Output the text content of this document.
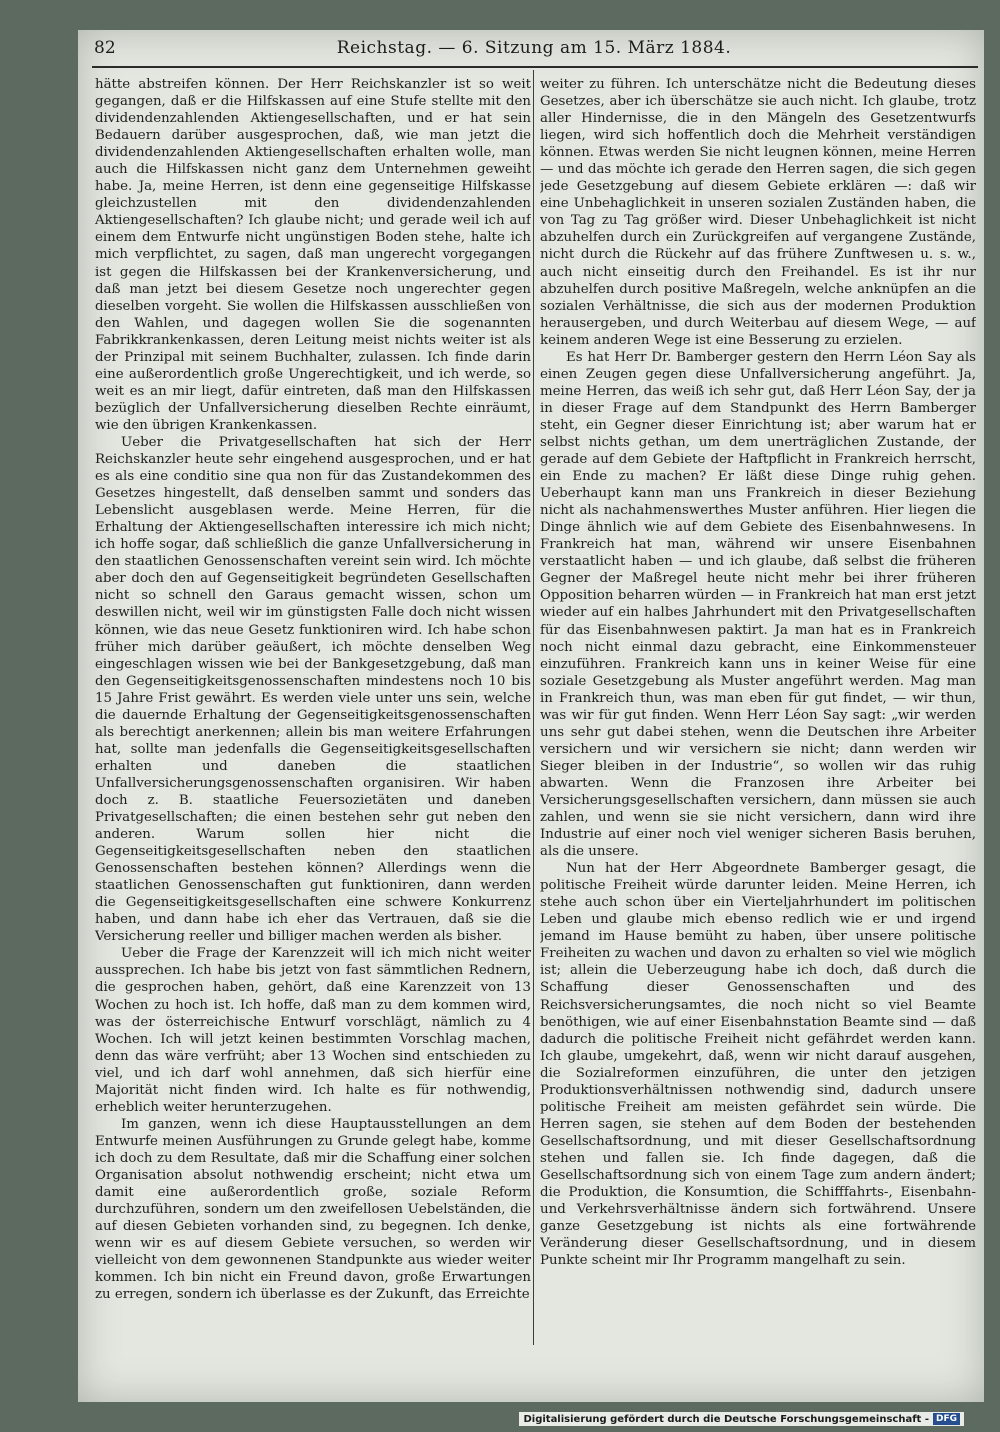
82	Reichstag. — 6. Sitzung am 15. März 1884.

hätte abstreifen können. Der Herr Reichskanzler ist so weit gegangen, daß er die Hilfskassen auf eine Stufe stellte mit den dividendenzahlenden Aktiengesellschaften, und er hat sein Bedauern darüber ausgesprochen, daß, wie man jetzt die dividendenzahlenden Aktiengesellschaften erhalten wolle, man auch die Hilfskassen nicht ganz dem Unternehmen geweiht habe. Ja, meine Herren, ist denn eine gegenseitige Hilfskasse gleichzustellen mit den dividendenzahlenden Aktiengesellschaften? Ich glaube nicht; und gerade weil ich auf einem dem Entwurfe nicht ungünstigen Boden stehe, halte ich mich verpflichtet, zu sagen, daß man ungerecht vorgegangen ist gegen die Hilfskassen bei der Krankenversicherung, und daß man jetzt bei diesem Gesetze noch ungerechter gegen dieselben vorgeht. Sie wollen die Hilfskassen ausschließen von den Wahlen, und dagegen wollen Sie die sogenannten Fabrikkrankenkassen, deren Leitung meist nichts weiter ist als der Prinzipal mit seinem Buchhalter, zulassen. Ich finde darin eine außerordentlich große Ungerechtigkeit, und ich werde, so weit es an mir liegt, dafür eintreten, daß man den Hilfskassen bezüglich der Unfallversicherung dieselben Rechte einräumt, wie den übrigen Krankenkassen.

Ueber die Privatgesellschaften hat sich der Herr Reichskanzler heute sehr eingehend ausgesprochen, und er hat es als eine conditio sine qua non für das Zustandekommen des Gesetzes hingestellt, daß denselben sammt und sonders das Lebenslicht ausgeblasen werde. Meine Herren, für die Erhaltung der Aktiengesellschaften interessire ich mich nicht; ich hoffe sogar, daß schließlich die ganze Unfallversicherung in den staatlichen Genossenschaften vereint sein wird. Ich möchte aber doch den auf Gegenseitigkeit begründeten Gesellschaften nicht so schnell den Garaus gemacht wissen, schon um deswillen nicht, weil wir im günstigsten Falle doch nicht wissen können, wie das neue Gesetz funktioniren wird. Ich habe schon früher mich darüber geäußert, ich möchte denselben Weg eingeschlagen wissen wie bei der Bankgesetzgebung, daß man den Gegenseitigkeitsgenossenschaften mindestens noch 10 bis 15 Jahre Frist gewährt. Es werden viele unter uns sein, welche die dauernde Erhaltung der Gegenseitigkeitsgenossenschaften als berechtigt anerkennen; allein bis man weitere Erfahrungen hat, sollte man jedenfalls die Gegenseitigkeitsgesellschaften erhalten und daneben die staatlichen Unfallversicherungsgenossenschaften organisiren. Wir haben doch z. B. staatliche Feuersozietäten und daneben Privatgesellschaften; die einen bestehen sehr gut neben den anderen. Warum sollen hier nicht die Gegenseitigkeitsgesellschaften neben den staatlichen Genossenschaften bestehen können? Allerdings wenn die staatlichen Genossenschaften gut funktioniren, dann werden die Gegenseitigkeitsgesellschaften eine schwere Konkurrenz haben, und dann habe ich eher das Vertrauen, daß sie die Versicherung reeller und billiger machen werden als bisher.

Ueber die Frage der Karenzzeit will ich mich nicht weiter aussprechen. Ich habe bis jetzt von fast sämmtlichen Rednern, die gesprochen haben, gehört, daß eine Karenzzeit von 13 Wochen zu hoch ist. Ich hoffe, daß man zu dem kommen wird, was der österreichische Entwurf vorschlägt, nämlich zu 4 Wochen. Ich will jetzt keinen bestimmten Vorschlag machen, denn das wäre verfrüht; aber 13 Wochen sind entschieden zu viel, und ich darf wohl annehmen, daß sich hierfür eine Majorität nicht finden wird. Ich halte es für nothwendig, erheblich weiter herunterzugehen.

Im ganzen, wenn ich diese Hauptausstellungen an dem Entwurfe meinen Ausführungen zu Grunde gelegt habe, komme ich doch zu dem Resultate, daß mir die Schaffung einer solchen Organisation absolut nothwendig erscheint; nicht etwa um damit eine außerordentlich große, soziale Reform durchzuführen, sondern um den zweifellosen Uebelständen, die auf diesen Gebieten vorhanden sind, zu begegnen. Ich denke, wenn wir es auf diesem Gebiete versuchen, so werden wir vielleicht von dem gewonnenen Standpunkte aus wieder weiter kommen. Ich bin nicht ein Freund davon, große Erwartungen zu erregen, sondern ich überlasse es der Zukunft, das Erreichte

weiter zu führen. Ich unterschätze nicht die Bedeutung dieses Gesetzes, aber ich überschätze sie auch nicht. Ich glaube, trotz aller Hindernisse, die in den Mängeln des Gesetzentwurfs liegen, wird sich hoffentlich doch die Mehrheit verständigen können. Etwas werden Sie nicht leugnen können, meine Herren — und das möchte ich gerade den Herren sagen, die sich gegen jede Gesetzgebung auf diesem Gebiete erklären —: daß wir eine Unbehaglichkeit in unseren sozialen Zuständen haben, die von Tag zu Tag größer wird. Dieser Unbehaglichkeit ist nicht abzuhelfen durch ein Zurückgreifen auf vergangene Zustände, nicht durch die Rückehr auf das frühere Zunftwesen u. s. w., auch nicht einseitig durch den Freihandel. Es ist ihr nur abzuhelfen durch positive Maßregeln, welche anknüpfen an die sozialen Verhältnisse, die sich aus der modernen Produktion herausergeben, und durch Weiterbau auf diesem Wege, — auf keinem anderen Wege ist eine Besserung zu erzielen.

Es hat Herr Dr. Bamberger gestern den Herrn Léon Say als einen Zeugen gegen diese Unfallversicherung angeführt. Ja, meine Herren, das weiß ich sehr gut, daß Herr Léon Say, der ja in dieser Frage auf dem Standpunkt des Herrn Bamberger steht, ein Gegner dieser Einrichtung ist; aber warum hat er selbst nichts gethan, um dem unerträglichen Zustande, der gerade auf dem Gebiete der Haftpflicht in Frankreich herrscht, ein Ende zu machen? Er läßt diese Dinge ruhig gehen. Ueberhaupt kann man uns Frankreich in dieser Beziehung nicht als nachahmenswerthes Muster anführen. Hier liegen die Dinge ähnlich wie auf dem Gebiete des Eisenbahnwesens. In Frankreich hat man, während wir unsere Eisenbahnen verstaatlicht haben — und ich glaube, daß selbst die früheren Gegner der Maßregel heute nicht mehr bei ihrer früheren Opposition beharren würden — in Frankreich hat man erst jetzt wieder auf ein halbes Jahrhundert mit den Privatgesellschaften für das Eisenbahnwesen paktirt. Ja man hat es in Frankreich noch nicht einmal dazu gebracht, eine Einkommensteuer einzuführen. Frankreich kann uns in keiner Weise für eine soziale Gesetzgebung als Muster angeführt werden. Mag man in Frankreich thun, was man eben für gut findet, — wir thun, was wir für gut finden. Wenn Herr Léon Say sagt: „wir werden uns sehr gut dabei stehen, wenn die Deutschen ihre Arbeiter versichern und wir versichern sie nicht; dann werden wir Sieger bleiben in der Industrie“, so wollen wir das ruhig abwarten. Wenn die Franzosen ihre Arbeiter bei Versicherungsgesellschaften versichern, dann müssen sie auch zahlen, und wenn sie sie nicht versichern, dann wird ihre Industrie auf einer noch viel weniger sicheren Basis beruhen, als die unsere.

Nun hat der Herr Abgeordnete Bamberger gesagt, die politische Freiheit würde darunter leiden. Meine Herren, ich stehe auch schon über ein Vierteljahrhundert im politischen Leben und glaube mich ebenso redlich wie er und irgend jemand im Hause bemüht zu haben, über unsere politische Freiheiten zu wachen und davon zu erhalten so viel wie möglich ist; allein die Ueberzeugung habe ich doch, daß durch die Schaffung dieser Genossenschaften und des Reichsversicherungsamtes, die noch nicht so viel Beamte benöthigen, wie auf einer Eisenbahnstation Beamte sind — daß dadurch die politische Freiheit nicht gefährdet werden kann. Ich glaube, umgekehrt, daß, wenn wir nicht darauf ausgehen, die Sozialreformen einzuführen, die unter den jetzigen Produktionsverhältnissen nothwendig sind, dadurch unsere politische Freiheit am meisten gefährdet sein würde. Die Herren sagen, sie stehen auf dem Boden der bestehenden Gesellschaftsordnung, und mit dieser Gesellschaftsordnung stehen und fallen sie. Ich finde dagegen, daß die Gesellschaftsordnung sich von einem Tage zum andern ändert; die Produktion, die Konsumtion, die Schifffahrts-, Eisenbahn- und Verkehrsverhältnisse ändern sich fortwährend. Unsere ganze Gesetzgebung ist nichts als eine fortwährende Veränderung dieser Gesellschaftsordnung, und in diesem Punkte scheint mir Ihr Programm mangelhaft zu sein.

Digitalisierung gefördert durch die Deutsche Forschungsgemeinschaft - DFG
